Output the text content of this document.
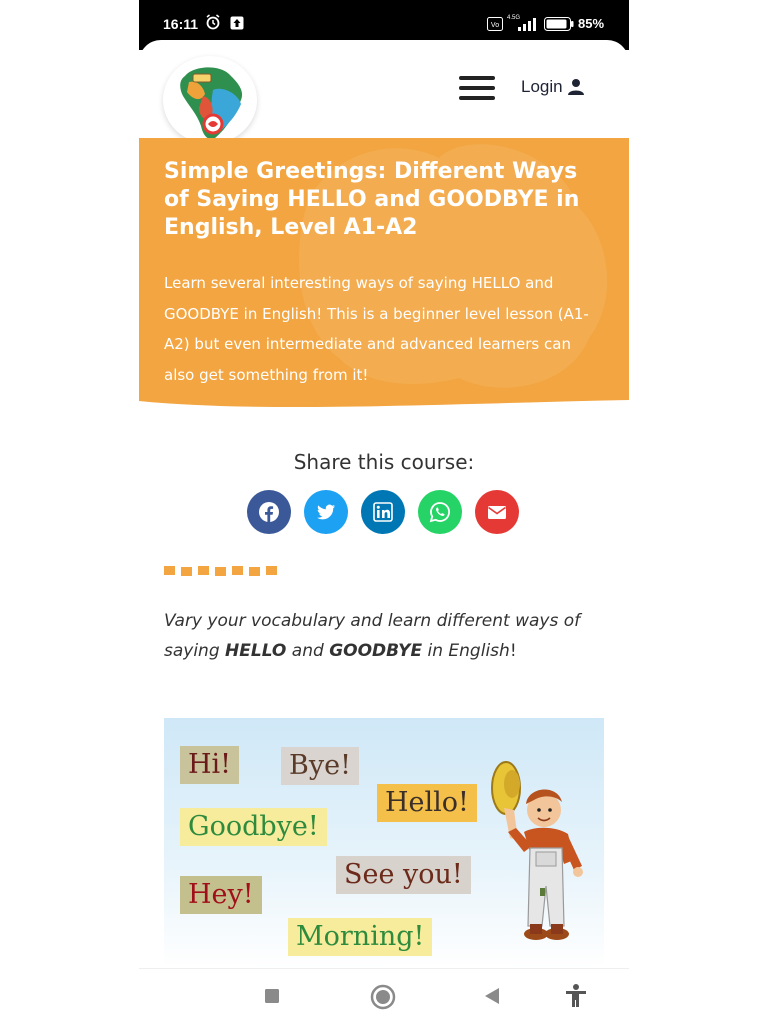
16:11	Vo
4.5G	85%
Login
Simple Greetings: Different Ways of Saying HELLO and GOODBYE in English, Level A1-A2
Learn several interesting ways of saying HELLO and GOODBYE in English! This is a beginner level lesson (A1-A2) but even intermediate and advanced learners can also get something from it!
Share this course:
Vary your vocabulary and learn different ways of saying HELLO and GOODBYE in English!
Hi! Bye!
Hello!
Goodbye!
See you!
Hey!
Morning!
